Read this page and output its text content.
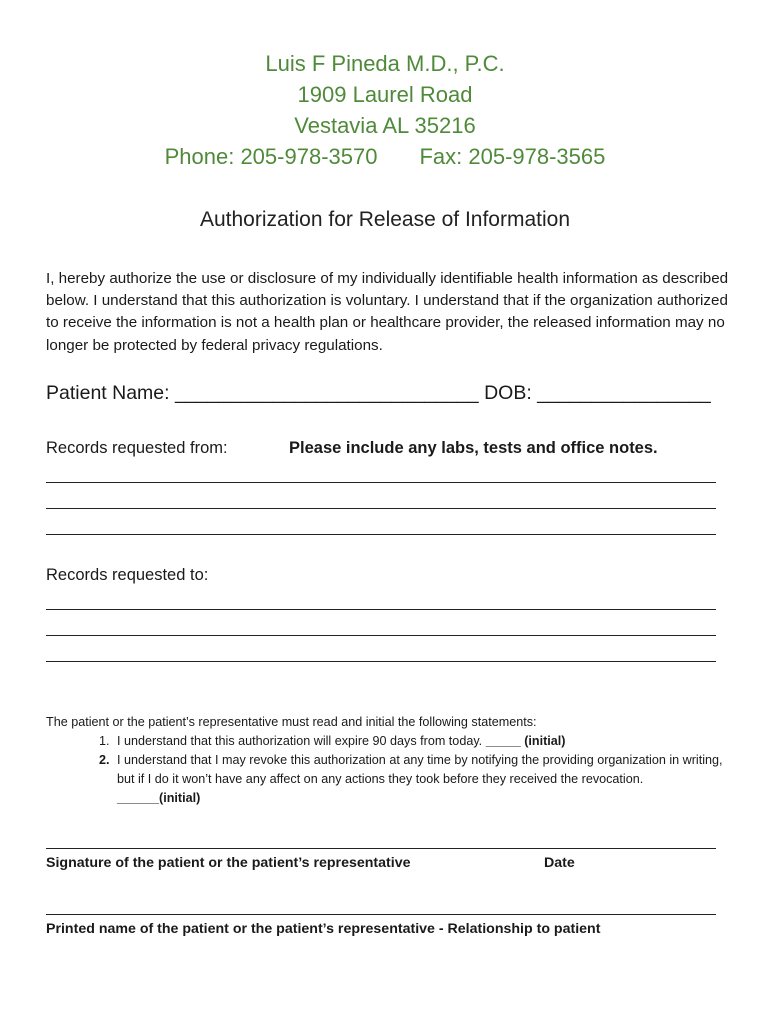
Luis F Pineda M.D., P.C.
1909 Laurel Road
Vestavia AL 35216
Phone: 205-978-3570 Fax: 205-978-3565
Authorization for Release of Information
I, hereby authorize the use or disclosure of my individually identifiable health information as described below. I understand that this authorization is voluntary. I understand that if the organization authorized to receive the information is not a health plan or healthcare provider, the released information may no longer be protected by federal privacy regulations.
Patient Name: ____________________________ DOB: ________________
Records requested from:	Please include any labs, tests and office notes.
Records requested to:
The patient or the patient’s representative must read and initial the following statements:
1. I understand that this authorization will expire 90 days from today. _____ (initial)
2. I understand that I may revoke this authorization at any time by notifying the providing organization in writing, but if I do it won’t have any affect on any actions they took before they received the revocation. ______(initial)
Signature of the patient or the patient’s representative	Date
Printed name of the patient or the patient’s representative - Relationship to patient
